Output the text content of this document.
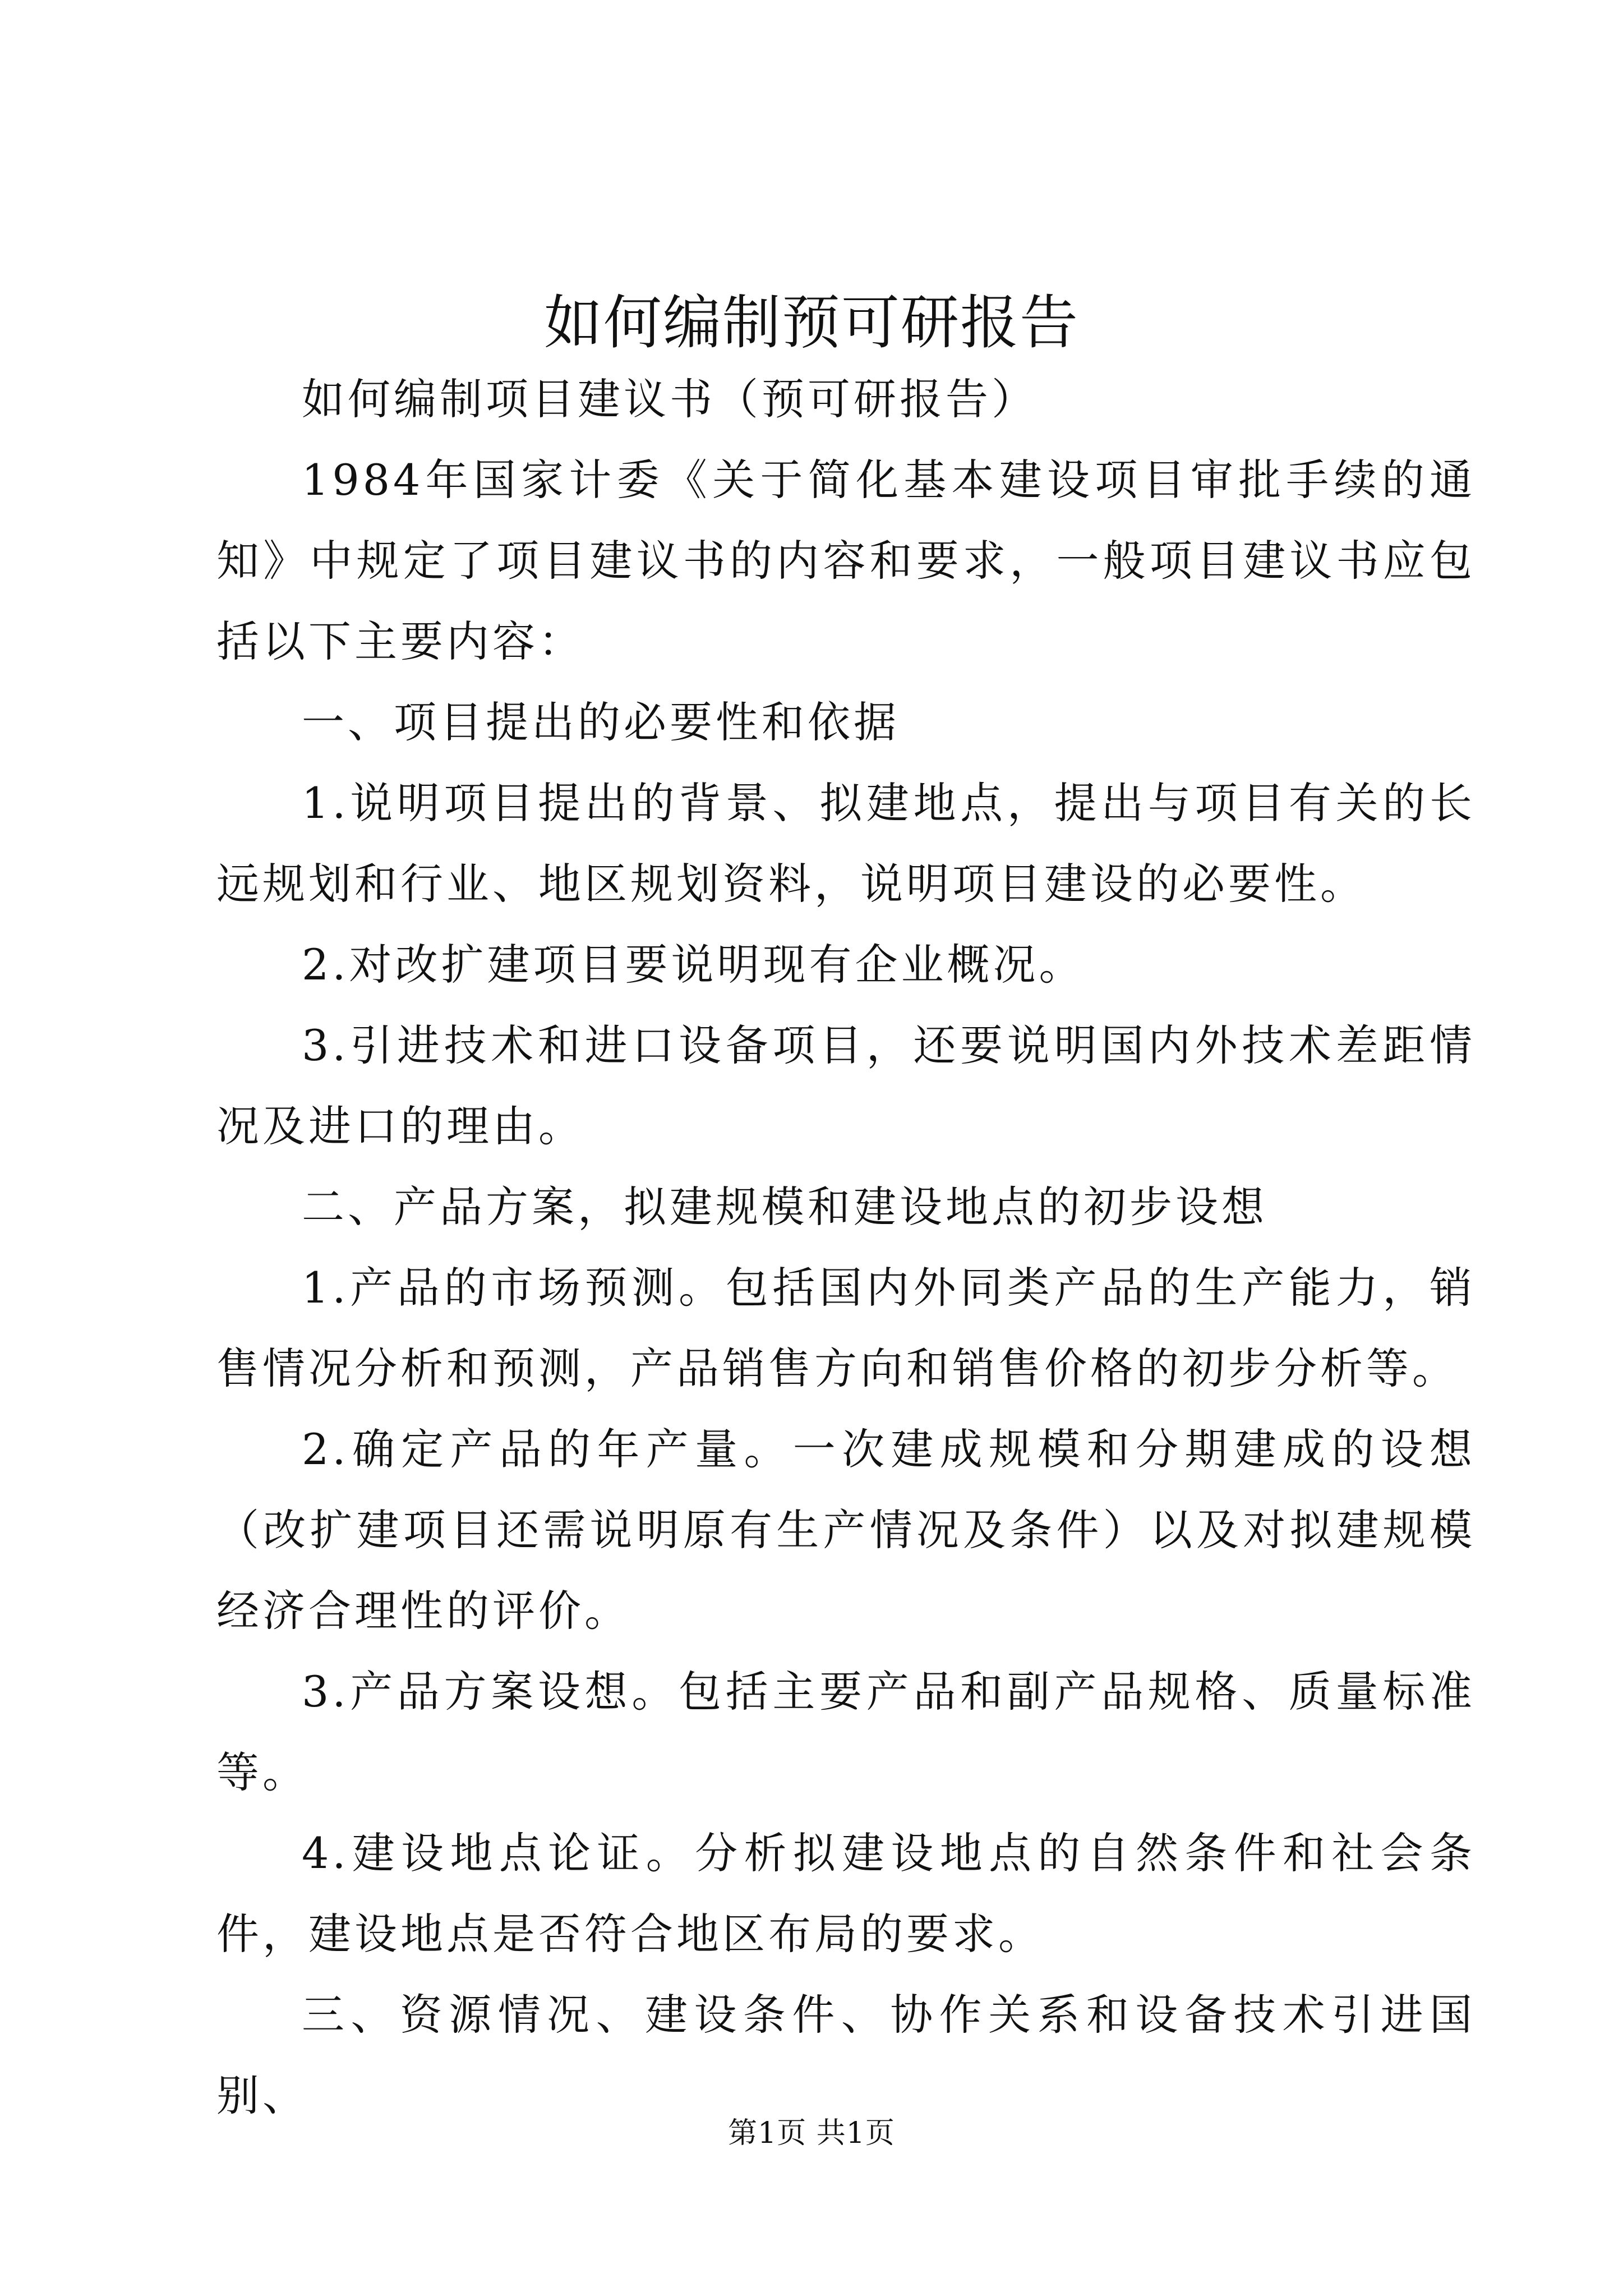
如何编制预可研报告

如何编制项目建议书（预可研报告）

1984年国家计委《关于简化基本建设项目审批手续的通知》中规定了项目建议书的内容和要求，一般项目建议书应包括以下主要内容：

一、项目提出的必要性和依据

1.说明项目提出的背景、拟建地点，提出与项目有关的长远规划和行业、地区规划资料，说明项目建设的必要性。

2.对改扩建项目要说明现有企业概况。

3.引进技术和进口设备项目，还要说明国内外技术差距情况及进口的理由。

二、产品方案，拟建规模和建设地点的初步设想

1.产品的市场预测。包括国内外同类产品的生产能力，销售情况分析和预测，产品销售方向和销售价格的初步分析等。

2.确定产品的年产量。一次建成规模和分期建成的设想（改扩建项目还需说明原有生产情况及条件）以及对拟建规模经济合理性的评价。

3.产品方案设想。包括主要产品和副产品规格、质量标准等。

4.建设地点论证。分析拟建设地点的自然条件和社会条件，建设地点是否符合地区布局的要求。

三、资源情况、建设条件、协作关系和设备技术引进国别、

第1页 共1页
